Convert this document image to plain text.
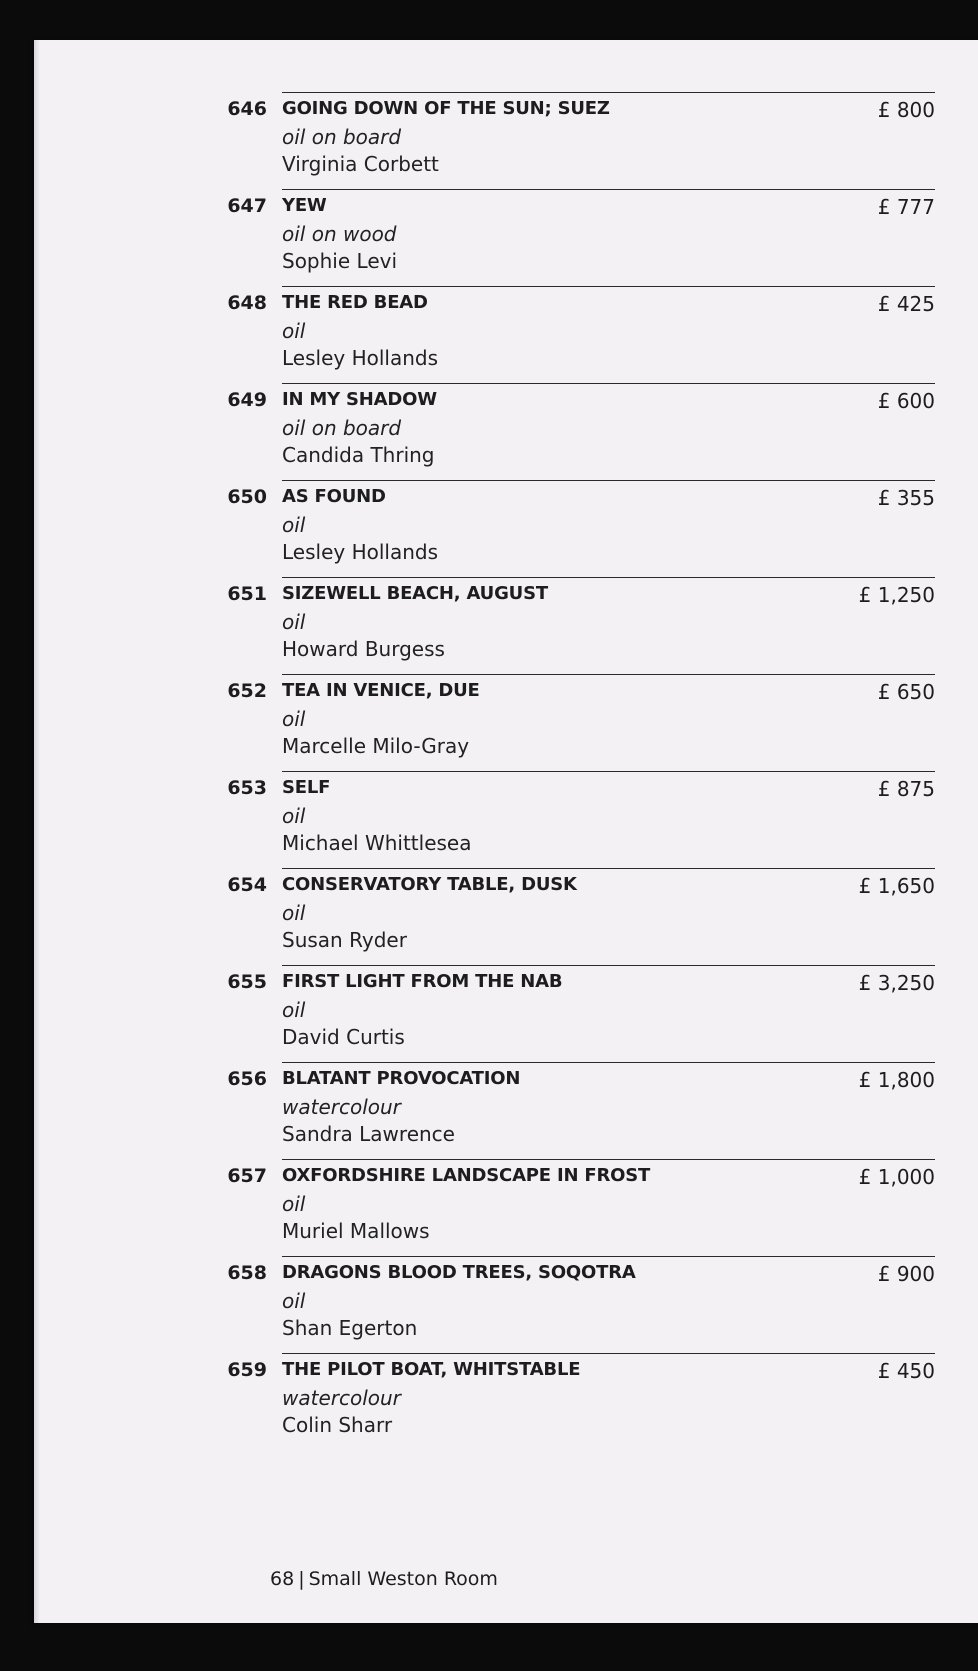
646 GOING DOWN OF THE SUN; SUEZ
oil on board
Virginia Corbett
£ 800
647 YEW
oil on wood
Sophie Levi
£ 777
648 THE RED BEAD
oil
Lesley Hollands
£ 425
649 IN MY SHADOW
oil on board
Candida Thring
£ 600
650 AS FOUND
oil
Lesley Hollands
£ 355
651 SIZEWELL BEACH, AUGUST
oil
Howard Burgess
£ 1,250
652 TEA IN VENICE, DUE
oil
Marcelle Milo-Gray
£ 650
653 SELF
oil
Michael Whittlesea
£ 875
654 CONSERVATORY TABLE, DUSK
oil
Susan Ryder
£ 1,650
655 FIRST LIGHT FROM THE NAB
oil
David Curtis
£ 3,250
656 BLATANT PROVOCATION
watercolour
Sandra Lawrence
£ 1,800
657 OXFORDSHIRE LANDSCAPE IN FROST
oil
Muriel Mallows
£ 1,000
658 DRAGONS BLOOD TREES, SOQOTRA
oil
Shan Egerton
£ 900
659 THE PILOT BOAT, WHITSTABLE
watercolour
Colin Sharr
£ 450
68 | Small Weston Room
